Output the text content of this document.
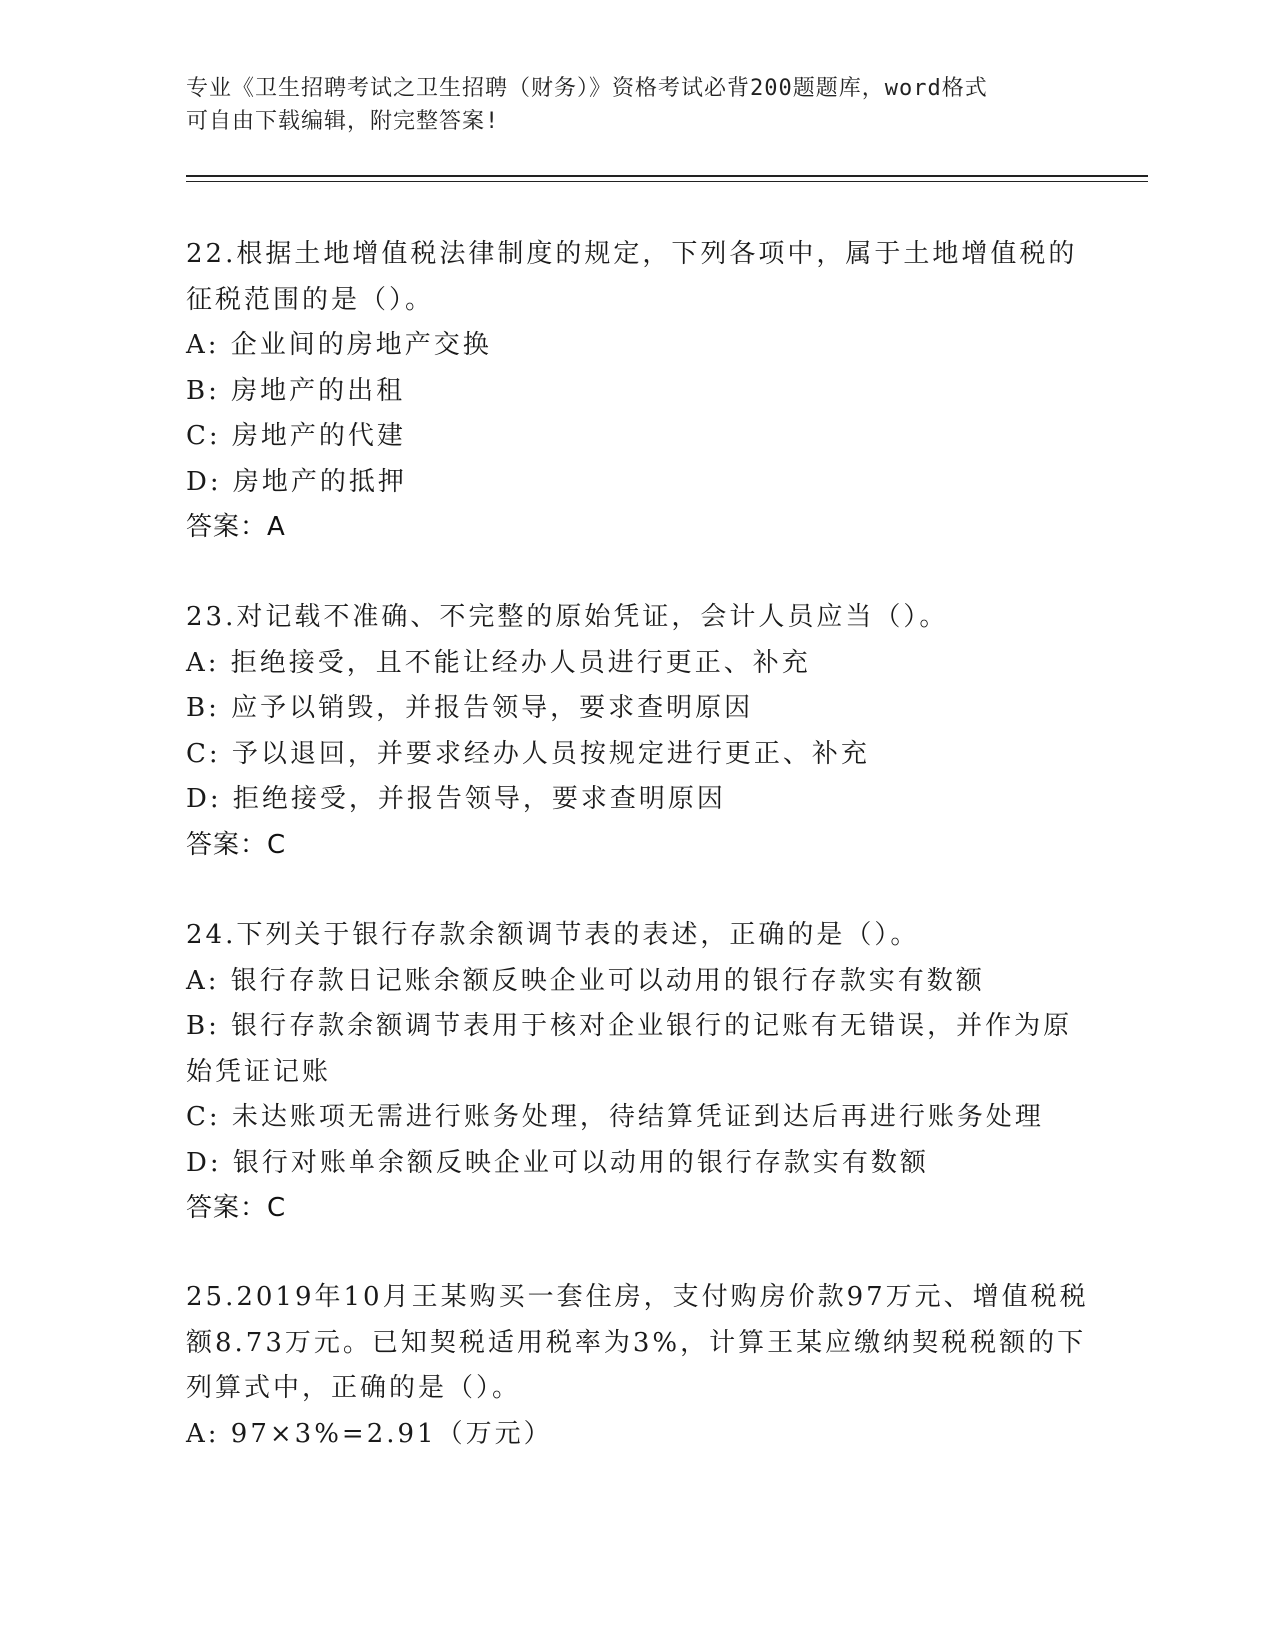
专业《卫生招聘考试之卫生招聘（财务）》资格考试必背200题题库，word格式
可自由下载编辑，附完整答案!
22.根据土地增值税法律制度的规定，下列各项中，属于土地增值税的
征税范围的是（）。
A: 企业间的房地产交换
B: 房地产的出租
C: 房地产的代建
D: 房地产的抵押
答案：A
23.对记载不准确、不完整的原始凭证，会计人员应当（）。
A: 拒绝接受，且不能让经办人员进行更正、补充
B: 应予以销毁，并报告领导，要求查明原因
C: 予以退回，并要求经办人员按规定进行更正、补充
D: 拒绝接受，并报告领导，要求查明原因
答案：C
24.下列关于银行存款余额调节表的表述，正确的是（）。
A: 银行存款日记账余额反映企业可以动用的银行存款实有数额
B: 银行存款余额调节表用于核对企业银行的记账有无错误，并作为原
始凭证记账
C: 未达账项无需进行账务处理，待结算凭证到达后再进行账务处理
D: 银行对账单余额反映企业可以动用的银行存款实有数额
答案：C
25.2019年10月王某购买一套住房，支付购房价款97万元、增值税税
额8.73万元。已知契税适用税率为3%，计算王某应缴纳契税税额的下
列算式中，正确的是（）。
A: 97×3%=2.91（万元）
